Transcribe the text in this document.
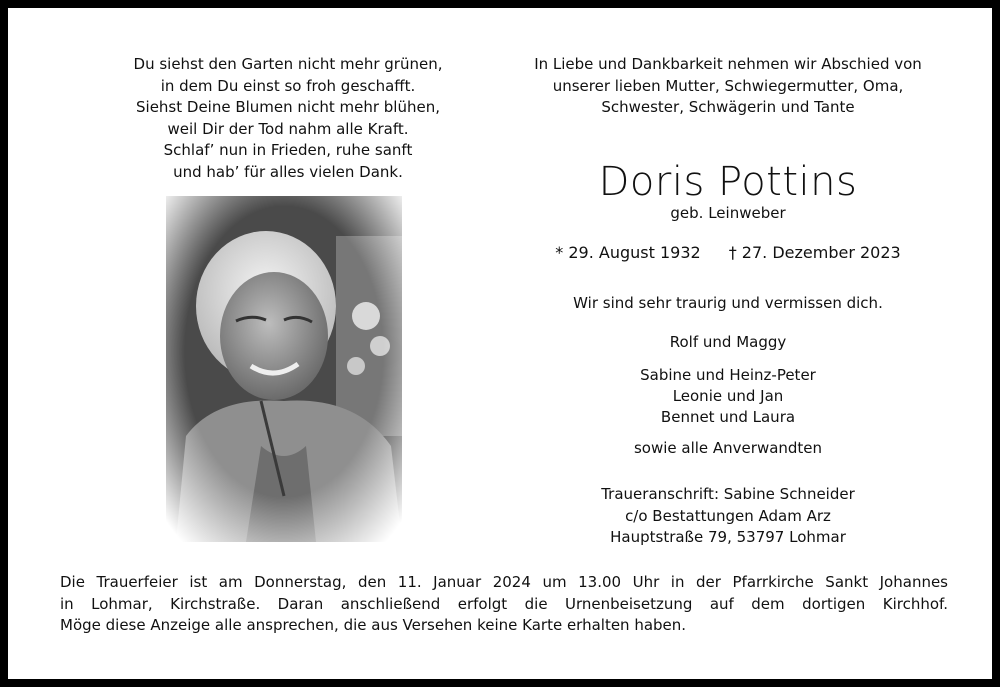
Du siehst den Garten nicht mehr grünen,
in dem Du einst so froh geschafft.
Siehst Deine Blumen nicht mehr blühen,
weil Dir der Tod nahm alle Kraft.
Schlaf’ nun in Frieden, ruhe sanft
und hab’ für alles vielen Dank.
In Liebe und Dankbarkeit nehmen wir Abschied von
unserer lieben Mutter, Schwiegermutter, Oma,
Schwester, Schwägerin und Tante
Doris Pottins
geb. Leinweber
* 29. August 1932 † 27. Dezember 2023
Wir sind sehr traurig und vermissen dich.
Rolf und Maggy
Sabine und Heinz-Peter
Leonie und Jan
Bennet und Laura
sowie alle Anverwandten
Traueranschrift: Sabine Schneider
c/o Bestattungen Adam Arz
Hauptstraße 79, 53797 Lohmar
Die Trauerfeier ist am Donnerstag, den 11. Januar 2024 um 13.00 Uhr in der Pfarrkirche Sankt Johannes
in Lohmar, Kirchstraße. Daran anschließend erfolgt die Urnenbeisetzung auf dem dortigen Kirchhof.
Möge diese Anzeige alle ansprechen, die aus Versehen keine Karte erhalten haben.
